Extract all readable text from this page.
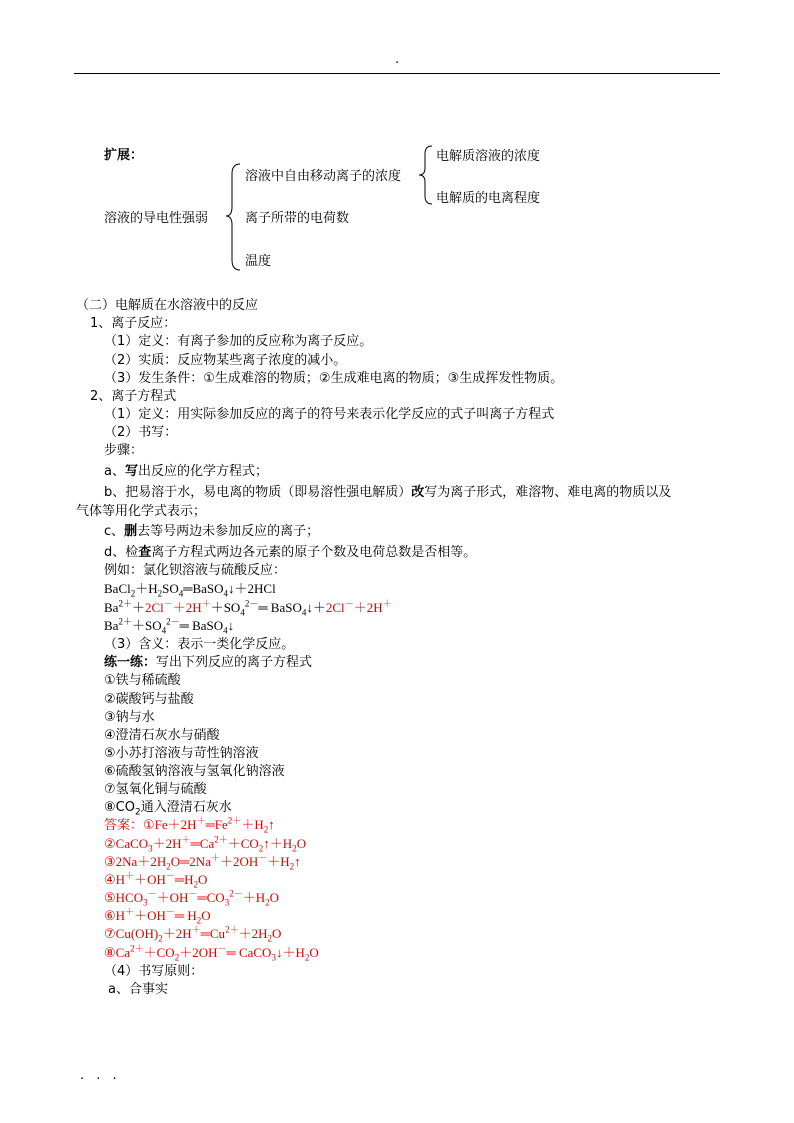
.
扩展：
溶液的导电性强弱
溶液中自由移动离子的浓度
离子所带的电荷数
温度
电解质溶液的浓度
电解质的电离程度
（二）电解质在水溶液中的反应
1、离子反应：
（1）定义：有离子参加的反应称为离子反应。
（2）实质：反应物某些离子浓度的减小。
（3）发生条件：①生成难溶的物质；②生成难电离的物质；③生成挥发性物质。
2、离子方程式
（1）定义：用实际参加反应的离子的符号来表示化学反应的式子叫离子方程式
（2）书写：
步骤：
a、写出反应的化学方程式；
b、把易溶于水，易电离的物质（即易溶性强电解质）改写为离子形式，难溶物、难电离的物质以及
气体等用化学式表示；
c、删去等号两边未参加反应的离子；
d、检查离子方程式两边各元素的原子个数及电荷总数是否相等。
例如：氯化钡溶液与硫酸反应：
$BaCl_2+H_2SO_4═BaSO_4↓+2HCl$
$Ba^{2+}+2Cl^-+2H^++SO_4^{2-}═$ BaSO$_4$↓＋2Cl－＋2H＋
$Ba^{2+}+SO_4^{2-}═$ BaSO$_4$↓
（3）含义：表示一类化学反应。
练一练：写出下列反应的离子方程式
①铁与稀硫酸
②碳酸钙与盐酸
③钠与水
④澄清石灰水与硝酸
⑤小苏打溶液与苛性钠溶液
⑥硫酸氢钠溶液与氢氧化钠溶液
⑦氢氧化铜与硫酸
$⑧CO_2$通入澄清石灰水
答案：$①Fe+2H^+═Fe^{2+}+H_2↑$
$②CaCO_3+2H^+═Ca^{2+}+CO_2↑+H_2O$
$③2Na+2H_2O═2Na^++2OH^-+H_2↑$
$④H^++OH^-═H_2O$
$⑤HCO_3^-+OH^-═CO_3^{2-}+H_2O$
⑥H＋＋OH－═ $H_2O$
$⑦Cu(OH)_2+2H^+═Cu^{2+}+2H_2O$
$⑧Ca^{2+}+CO_2+2OH^-═$ $CaCO_3↓+H_2O$
（4）书写原则：
a、合事实
. . .
